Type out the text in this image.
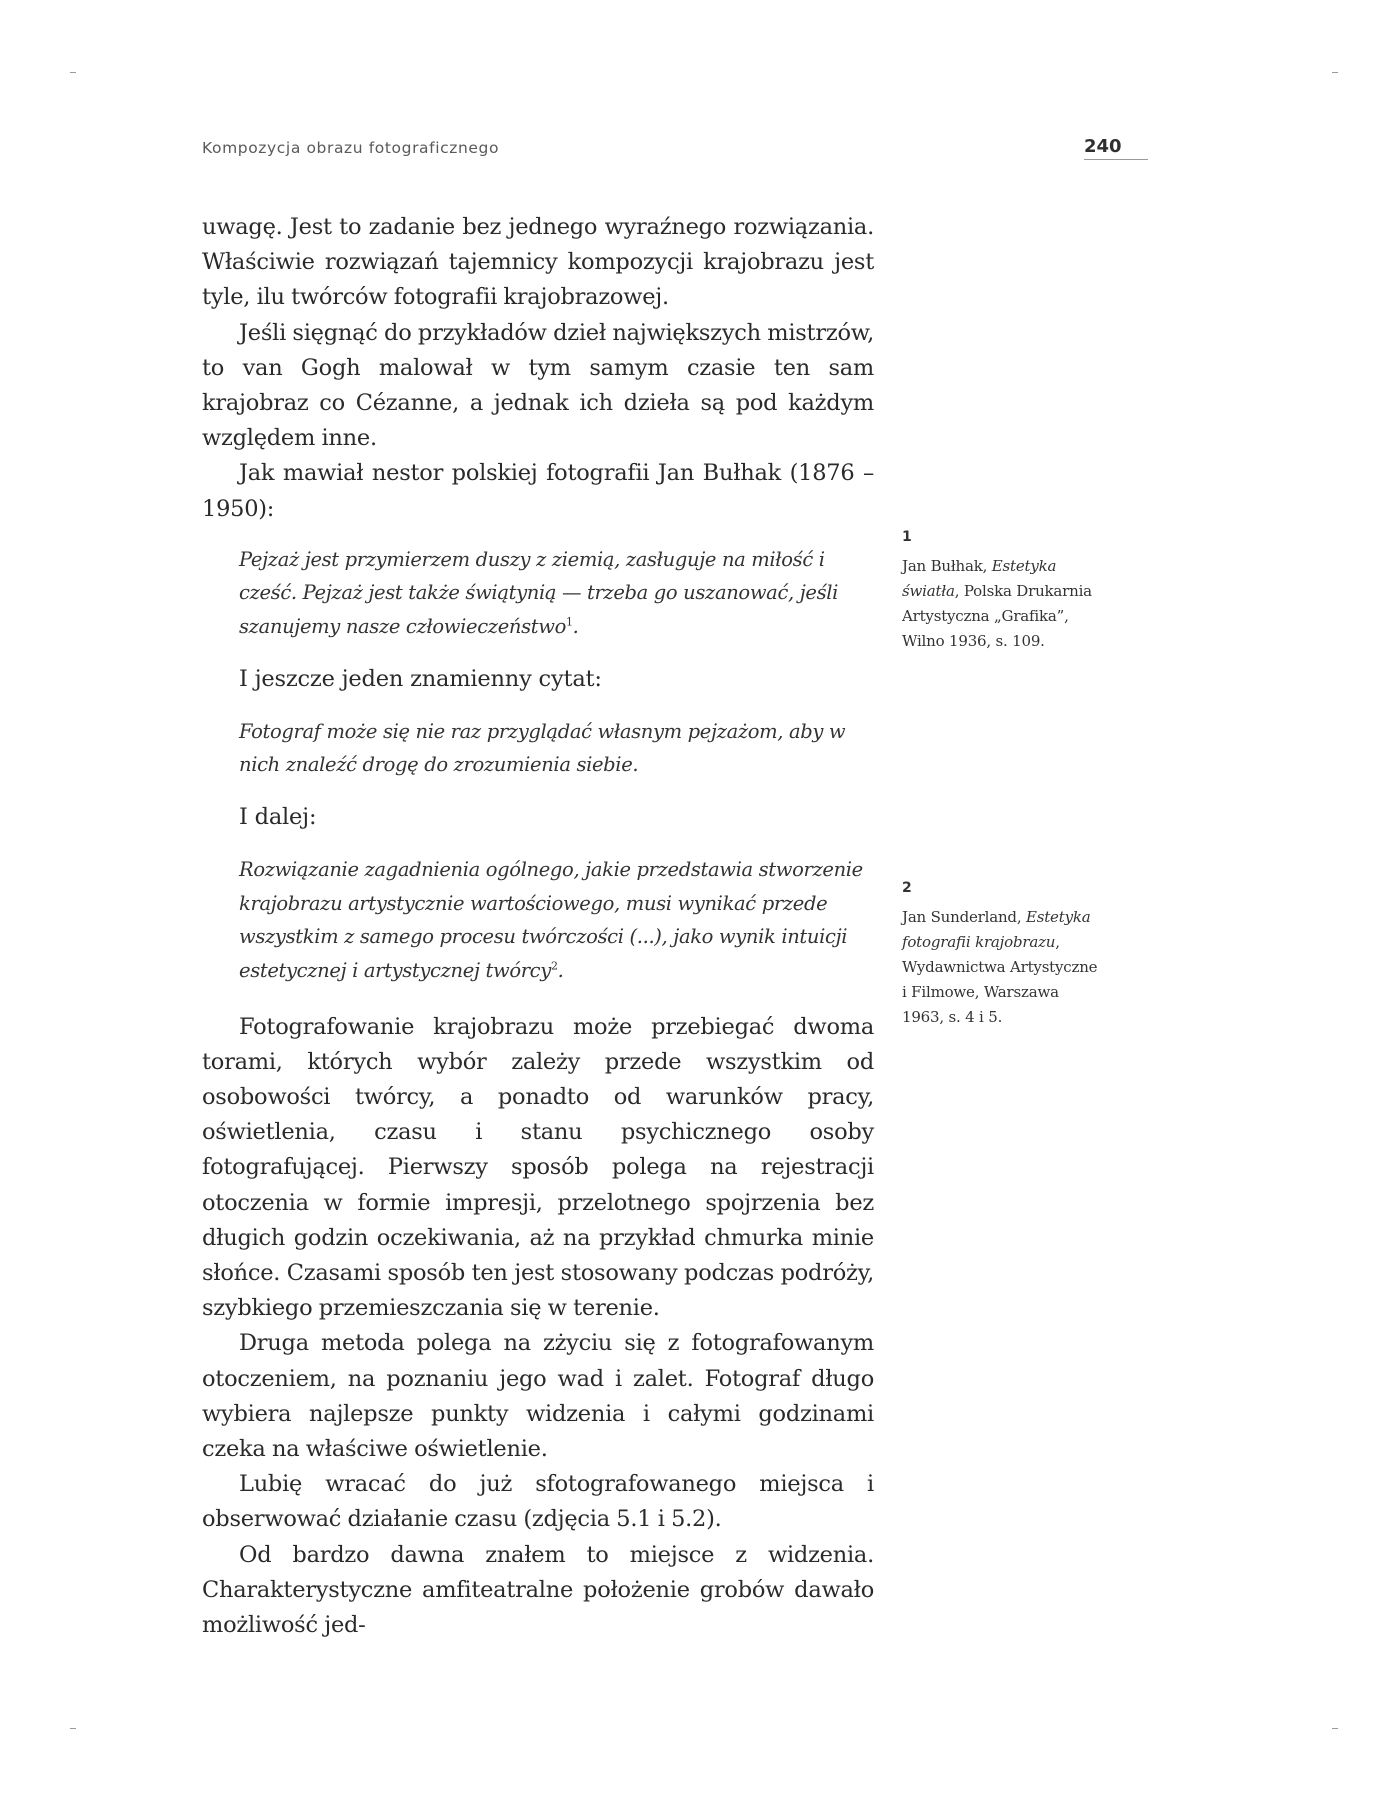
Kompozycja obrazu fotograficznego	240

uwagę. Jest to zadanie bez jednego wyraźnego rozwiązania. Właściwie rozwiązań tajemnicy kompozycji krajobrazu jest tyle, ilu twórców fotografii krajobrazowej.

Jeśli sięgnąć do przykładów dzieł największych mistrzów, to van Gogh malował w tym samym czasie ten sam krajobraz co Cézanne, a jednak ich dzieła są pod każdym względem inne.

Jak mawiał nestor polskiej fotografii Jan Bułhak (1876 – 1950):

Pejzaż jest przymierzem duszy z ziemią, zasługuje na miłość i cześć. Pejzaż jest także świątynią — trzeba go uszanować, jeśli szanujemy nasze człowieczeństwo$^1$.

I jeszcze jeden znamienny cytat:

Fotograf może się nie raz przyglądać własnym pejzażom, aby w nich znaleźć drogę do zrozumienia siebie.

I dalej:

Rozwiązanie zagadnienia ogólnego, jakie przedstawia stworzenie krajobrazu artystycznie wartościowego, musi wynikać przede wszystkim z samego procesu twórczości (...), jako wynik intuicji estetycznej i artystycznej twórcy$^2$.

Fotografowanie krajobrazu może przebiegać dwoma torami, których wybór zależy przede wszystkim od osobowości twórcy, a ponadto od warunków pracy, oświetlenia, czasu i stanu psychicznego osoby fotografującej. Pierwszy sposób polega na rejestracji otoczenia w formie impresji, przelotnego spojrzenia bez długich godzin oczekiwania, aż na przykład chmurka minie słońce. Czasami sposób ten jest stosowany podczas podróży, szybkiego przemieszczania się w terenie.

Druga metoda polega na zżyciu się z fotografowanym otoczeniem, na poznaniu jego wad i zalet. Fotograf długo wybiera najlepsze punkty widzenia i całymi godzinami czeka na właściwe oświetlenie.

Lubię wracać do już sfotografowanego miejsca i obserwować działanie czasu (zdjęcia 5.1 i 5.2).

Od bardzo dawna znałem to miejsce z widzenia. Charakterystyczne amfiteatralne położenie grobów dawało możliwość jed-

1

Jan Bułhak, Estetyka światła, Polska Drukarnia Artystyczna „Grafika”, Wilno 1936, s. 109.

2

Jan Sunderland, Estetyka fotografii krajobrazu, Wydawnictwa Artystyczne i Filmowe, Warszawa 1963, s. 4 i 5.
